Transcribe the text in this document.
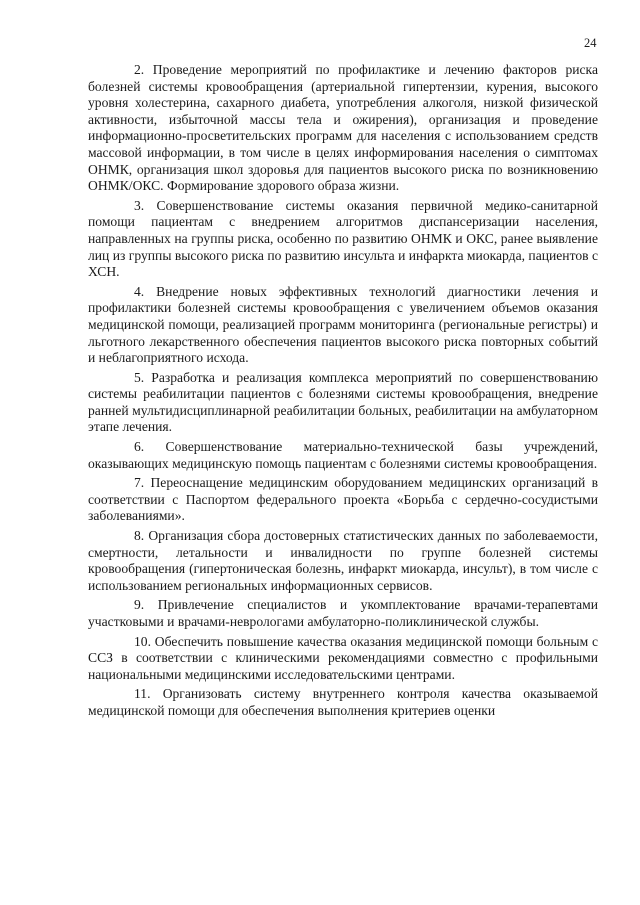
24

2. Проведение мероприятий по профилактике и лечению факторов риска болезней системы кровообращения (артериальной гипертензии, курения, высокого уровня холестерина, сахарного диабета, употребления алкоголя, низкой физической активности, избыточной массы тела и ожирения), организация и проведение информационно-просветительских программ для населения с использованием средств массовой информации, в том числе в целях информирования населения о симптомах ОНМК, организация школ здоровья для пациентов высокого риска по возникновению ОНМК/ОКС. Формирование здорового образа жизни.

3. Совершенствование системы оказания первичной медико-санитарной помощи пациентам с внедрением алгоритмов диспансеризации населения, направленных на группы риска, особенно по развитию ОНМК и ОКС, ранее выявление лиц из группы высокого риска по развитию инсульта и инфаркта миокарда, пациентов с ХСН.

4. Внедрение новых эффективных технологий диагностики лечения и профилактики болезней системы кровообращения с увеличением объемов оказания медицинской помощи, реализацией программ мониторинга (региональные регистры) и льготного лекарственного обеспечения пациентов высокого риска повторных событий и неблагоприятного исхода.

5. Разработка и реализация комплекса мероприятий по совершенствованию системы реабилитации пациентов с болезнями системы кровообращения, внедрение ранней мультидисциплинарной реабилитации больных, реабилитации на амбулаторном этапе лечения.

6. Совершенствование материально-технической базы учреждений, оказывающих медицинскую помощь пациентам с болезнями системы кровообращения.

7. Переоснащение медицинским оборудованием медицинских организаций в соответствии с Паспортом федерального проекта «Борьба с сердечно-сосудистыми заболеваниями».

8. Организация сбора достоверных статистических данных по заболеваемости, смертности, летальности и инвалидности по группе болезней системы кровообращения (гипертоническая болезнь, инфаркт миокарда, инсульт), в том числе с использованием региональных информационных сервисов.

9. Привлечение специалистов и укомплектование врачами-терапевтами участковыми и врачами-неврологами амбулаторно-поликлинической службы.

10. Обеспечить повышение качества оказания медицинской помощи больным с ССЗ в соответствии с клиническими рекомендациями совместно с профильными национальными медицинскими исследовательскими центрами.

11. Организовать систему внутреннего контроля качества оказываемой медицинской помощи для обеспечения выполнения критериев оценки
